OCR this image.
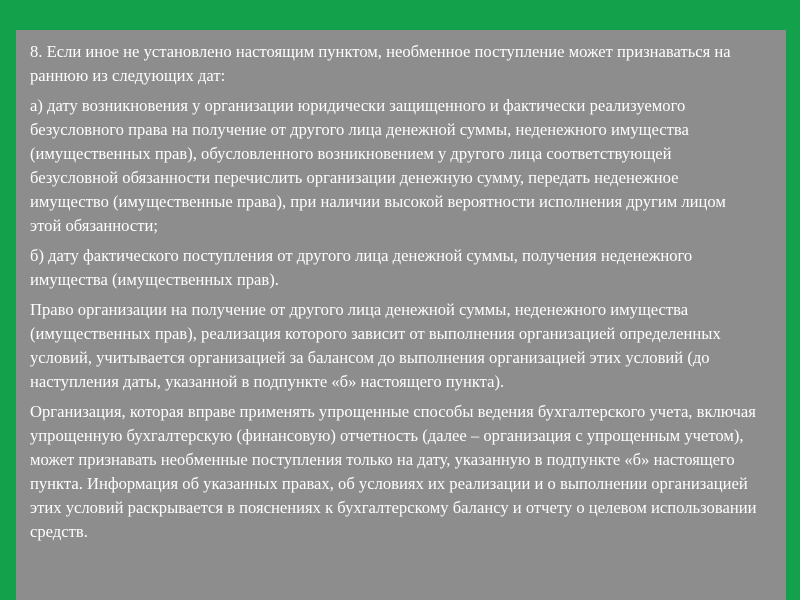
8. Если иное не установлено настоящим пунктом, необменное поступление может признаваться на раннюю из следующих дат:

а) дату возникновения у организации юридически защищенного и фактически реализуемого безусловного права на получение от другого лица денежной суммы, неденежного имущества (имущественных прав), обусловленного возникновением у другого лица соответствующей безусловной обязанности перечислить организации денежную сумму, передать неденежное имущество (имущественные права), при наличии высокой вероятности исполнения другим лицом этой обязанности;

б) дату фактического поступления от другого лица денежной суммы, получения неденежного имущества (имущественных прав).

Право организации на получение от другого лица денежной суммы, неденежного имущества (имущественных прав), реализация которого зависит от выполнения организацией определенных условий, учитывается организацией за балансом до выполнения организацией этих условий (до наступления даты, указанной в подпункте «б» настоящего пункта).

Организация, которая вправе применять упрощенные способы ведения бухгалтерского учета, включая упрощенную бухгалтерскую (финансовую) отчетность (далее – организация с упрощенным учетом), может признавать необменные поступления только на дату, указанную в подпункте «б» настоящего пункта. Информация об указанных правах, об условиях их реализации и о выполнении организацией этих условий раскрывается в пояснениях к бухгалтерскому балансу и отчету о целевом использовании средств.
